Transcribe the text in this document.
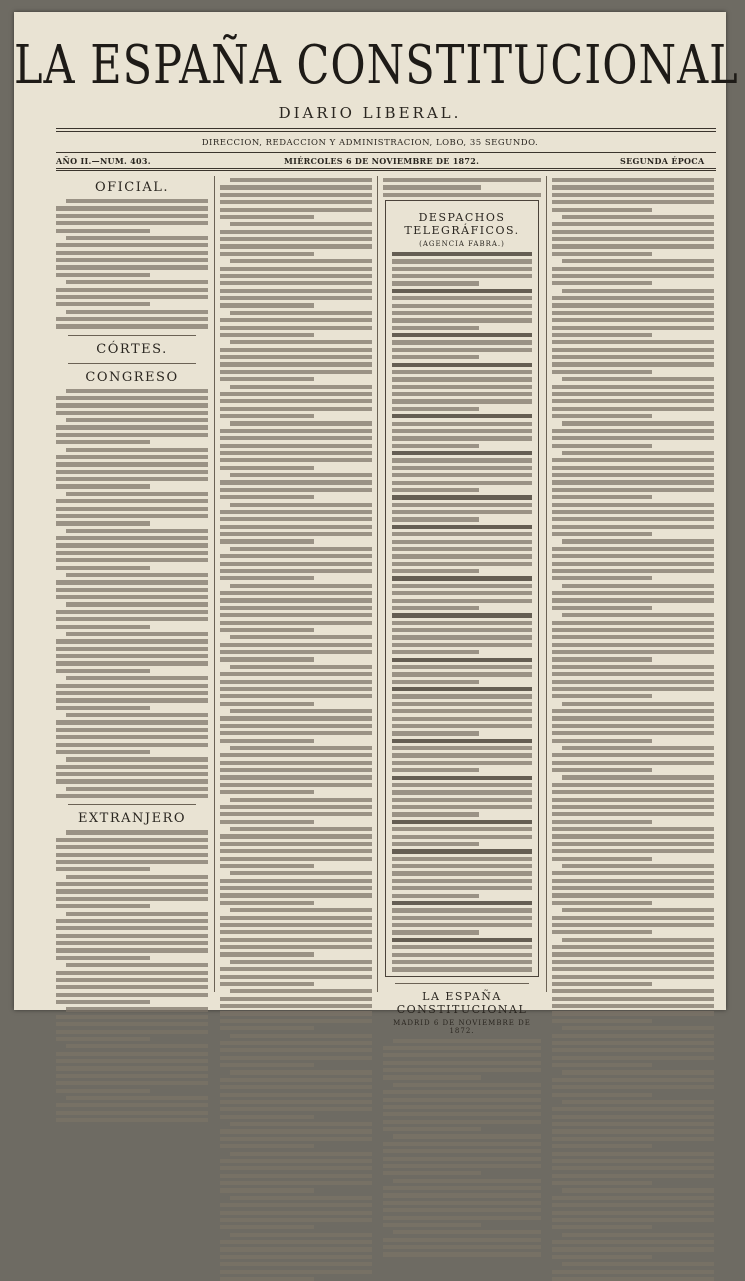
LA ESPAÑA CONSTITUCIONAL
DIARIO LIBERAL.
DIRECCION, REDACCION Y ADMINISTRACION, LOBO, 35 SEGUNDO.
AÑO II.—NUM. 403.	MIÉRCOLES 6 DE NOVIEMBRE DE 1872.	SEGUNDA ÉPOCA
OFICIAL.
CÓRTES.
CONGRESO
EXTRANJERO
DESPACHOS TELEGRÁFICOS.
(AGENCIA FABRA.)
LA ESPAÑA CONSTITUCIONAL
MADRID 6 DE NOVIEMBRE DE 1872.
